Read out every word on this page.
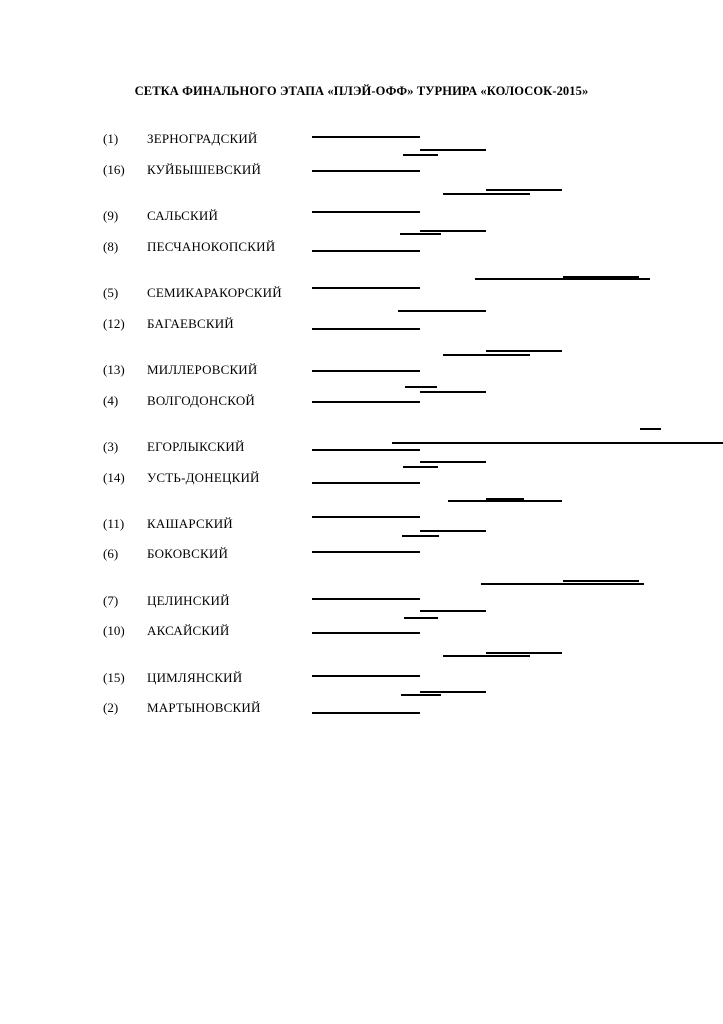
СЕТКА ФИНАЛЬНОГО ЭТАПА «ПЛЭЙ-ОФФ» ТУРНИРА «КОЛОСОК-2015»
(1) ЗЕРНОГРАДСКИЙ
(16) КУЙБЫШЕВСКИЙ
(9) САЛЬСКИЙ
(8) ПЕСЧАНОКОПСКИЙ
(5) СЕМИКАРАКОРСКИЙ
(12) БАГАЕВСКИЙ
(13) МИЛЛЕРОВСКИЙ
(4) ВОЛГОДОНСКОЙ
(3) ЕГОРЛЫКСКИЙ
(14) УСТЬ-ДОНЕЦКИЙ
(11) КАШАРСКИЙ
(6) БОКОВСКИЙ
(7) ЦЕЛИНСКИЙ
(10) АКСАЙСКИЙ
(15) ЦИМЛЯНСКИЙ
(2) МАРТЫНОВСКИЙ
